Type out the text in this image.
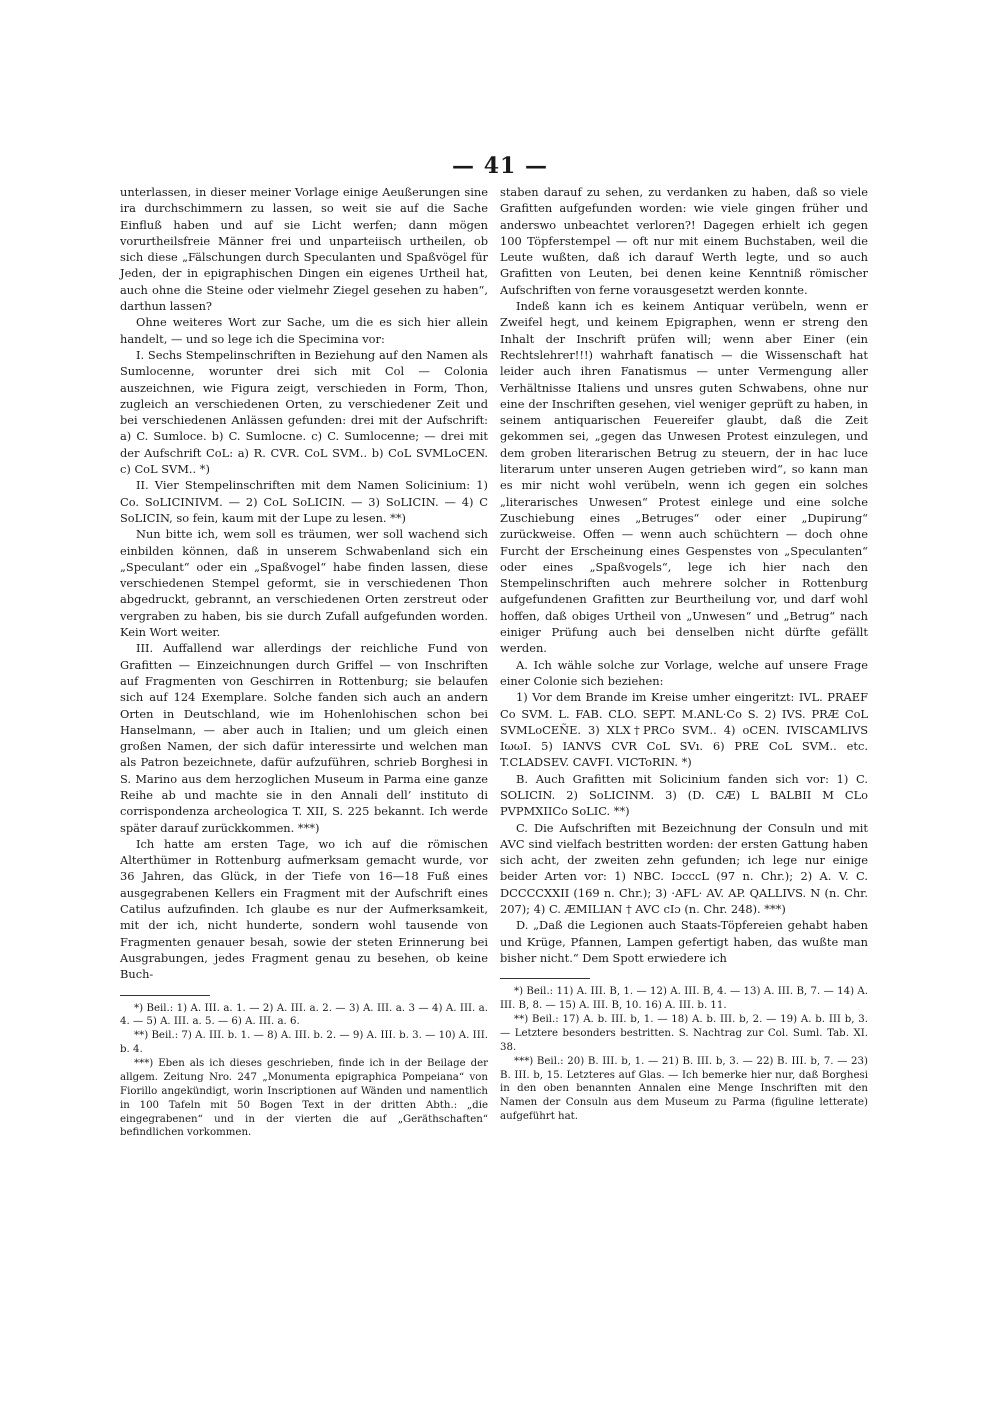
— 41 —

unterlassen, in dieser meiner Vorlage einige Aeußerungen sine ira durchschimmern zu lassen, so weit sie auf die Sache Einfluß haben und auf sie Licht werfen; dann mögen vorurtheilsfreie Männer frei und unparteiisch urtheilen, ob sich diese „Fälschungen durch Speculanten und Spaßvögel für Jeden, der in epigraphischen Dingen ein eigenes Urtheil hat, auch ohne die Steine oder vielmehr Ziegel gesehen zu haben“, darthun lassen?

Ohne weiteres Wort zur Sache, um die es sich hier allein handelt, — und so lege ich die Specimina vor:

I. Sechs Stempelinschriften in Beziehung auf den Namen als Sumlocenne, worunter drei sich mit Col — Colonia auszeichnen, wie Figura zeigt, verschieden in Form, Thon, zugleich an verschiedenen Orten, zu verschiedener Zeit und bei verschiedenen Anlässen gefunden: drei mit der Aufschrift: a) C. Sumloce. b) C. Sumlocne. c) C. Sumlocenne; — drei mit der Aufschrift CoL: a) R. CVR. CoL SVM.. b) CoL SVMLoCEN. c) CoL SVM.. *)

II. Vier Stempelinschriften mit dem Namen Solicinium: 1) Co. SoLICINIVM. — 2) CoL SoLICIN. — 3) SoLICIN. — 4) C SoLICIN, so fein, kaum mit der Lupe zu lesen. **)

Nun bitte ich, wem soll es träumen, wer soll wachend sich einbilden können, daß in unserem Schwabenland sich ein „Speculant“ oder ein „Spaßvogel“ habe finden lassen, diese verschiedenen Stempel geformt, sie in verschiedenen Thon abgedruckt, gebrannt, an verschiedenen Orten zerstreut oder vergraben zu haben, bis sie durch Zufall aufgefunden worden. Kein Wort weiter.

III. Auffallend war allerdings der reichliche Fund von Grafitten — Einzeichnungen durch Griffel — von Inschriften auf Fragmenten von Geschirren in Rottenburg; sie belaufen sich auf 124 Exemplare. Solche fanden sich auch an andern Orten in Deutschland, wie im Hohenlohischen schon bei Hanselmann, — aber auch in Italien; und um gleich einen großen Namen, der sich dafür interessirte und welchen man als Patron bezeichnete, dafür aufzuführen, schrieb Borghesi in S. Marino aus dem herzoglichen Museum in Parma eine ganze Reihe ab und machte sie in den Annali dell’ instituto di corrispondenza archeologica T. XII, S. 225 bekannt. Ich werde später darauf zurückkommen. ***)

Ich hatte am ersten Tage, wo ich auf die römischen Alterthümer in Rottenburg aufmerksam gemacht wurde, vor 36 Jahren, das Glück, in der Tiefe von 16—18 Fuß eines ausgegrabenen Kellers ein Fragment mit der Aufschrift eines Catilus aufzufinden. Ich glaube es nur der Aufmerksamkeit, mit der ich, nicht hunderte, sondern wohl tausende von Fragmenten genauer besah, sowie der steten Erinnerung bei Ausgrabungen, jedes Fragment genau zu besehen, ob keine Buch-

*) Beil.: 1) A. III. a. 1. — 2) A. III. a. 2. — 3) A. III. a. 3 — 4) A. III. a. 4. — 5) A. III. a. 5. — 6) A. III. a. 6.

**) Beil.: 7) A. III. b. 1. — 8) A. III. b. 2. — 9) A. III. b. 3. — 10) A. III. b. 4.

***) Eben als ich dieses geschrieben, finde ich in der Beilage der allgem. Zeitung Nro. 247 „Monumenta epigraphica Pompeiana“ von Fiorillo angekündigt, worin Inscriptionen auf Wänden und namentlich in 100 Tafeln mit 50 Bogen Text in der dritten Abth.: „die eingegrabenen“ und in der vierten die auf „Geräthschaften“ befindlichen vorkommen.

staben darauf zu sehen, zu verdanken zu haben, daß so viele Grafitten aufgefunden worden: wie viele gingen früher und anderswo unbeachtet verloren?! Dagegen erhielt ich gegen 100 Töpferstempel — oft nur mit einem Buchstaben, weil die Leute wußten, daß ich darauf Werth legte, und so auch Grafitten von Leuten, bei denen keine Kenntniß römischer Aufschriften von ferne vorausgesetzt werden konnte.

Indeß kann ich es keinem Antiquar verübeln, wenn er Zweifel hegt, und keinem Epigraphen, wenn er streng den Inhalt der Inschrift prüfen will; wenn aber Einer (ein Rechtslehrer!!!) wahrhaft fanatisch — die Wissenschaft hat leider auch ihren Fanatismus — unter Vermengung aller Verhältnisse Italiens und unsres guten Schwabens, ohne nur eine der Inschriften gesehen, viel weniger geprüft zu haben, in seinem antiquarischen Feuereifer glaubt, daß die Zeit gekommen sei, „gegen das Unwesen Protest einzulegen, und dem groben literarischen Betrug zu steuern, der in hac luce literarum unter unseren Augen getrieben wird“, so kann man es mir nicht wohl verübeln, wenn ich gegen ein solches „literarisches Unwesen“ Protest einlege und eine solche Zuschiebung eines „Betruges“ oder einer „Dupirung“ zurückweise. Offen — wenn auch schüchtern — doch ohne Furcht der Erscheinung eines Gespenstes von „Speculanten“ oder eines „Spaßvogels“, lege ich hier nach den Stempelinschriften auch mehrere solcher in Rottenburg aufgefundenen Grafitten zur Beurtheilung vor, und darf wohl hoffen, daß obiges Urtheil von „Unwesen“ und „Betrug“ nach einiger Prüfung auch bei denselben nicht dürfte gefällt werden.

A. Ich wähle solche zur Vorlage, welche auf unsere Frage einer Colonie sich beziehen:

1) Vor dem Brande im Kreise umher eingeritzt: IVL. PRAEF Co SVM. L. FAB. CLO. SEPT. M.ANL·Co S. 2) IVS. PRÆ CoL SVMLoCEÑE. 3) XLX†PRCo SVM.. 4) oCEN. IVISCAMLIVS IωωI. 5) IANVS CVR CoL SVı. 6) PRE CoL SVM.. etc. T.CLADSEV. CAVFI. VICToRIN. *)

B. Auch Grafitten mit Solicinium fanden sich vor: 1) C. SOLICIN. 2) SoLICINM. 3) (D. CÆ) L BALBII M CLo PVPMXIICo SoLIC. **)

C. Die Aufschriften mit Bezeichnung der Consuln und mit AVC sind vielfach bestritten worden: der ersten Gattung haben sich acht, der zweiten zehn gefunden; ich lege nur einige beider Arten vor: 1) NBC. IɔcccL (97 n. Chr.); 2) A. V. C. DCCCCXXII (169 n. Chr.); 3) ·AFL· AV. AP. QALLIVS. N (n. Chr. 207); 4) C. ÆMILIAN † AVC cIɔ (n. Chr. 248). ***)

D. „Daß die Legionen auch Staats-Töpfereien gehabt haben und Krüge, Pfannen, Lampen gefertigt haben, das wußte man bisher nicht.“ Dem Spott erwiedere ich

*) Beil.: 11) A. III. B, 1. — 12) A. III. B, 4. — 13) A. III. B, 7. — 14) A. III. B, 8. — 15) A. III. B, 10. 16) A. III. b. 11.

**) Beil.: 17) A. b. III. b, 1. — 18) A. b. III. b, 2. — 19) A. b. III b, 3. — Letztere besonders bestritten. S. Nachtrag zur Col. Suml. Tab. XI. 38.

***) Beil.: 20) B. III. b, 1. — 21) B. III. b, 3. — 22) B. III. b, 7. — 23) B. III. b, 15. Letzteres auf Glas. — Ich bemerke hier nur, daß Borghesi in den oben benannten Annalen eine Menge Inschriften mit den Namen der Consuln aus dem Museum zu Parma (figuline letterate) aufgeführt hat.
